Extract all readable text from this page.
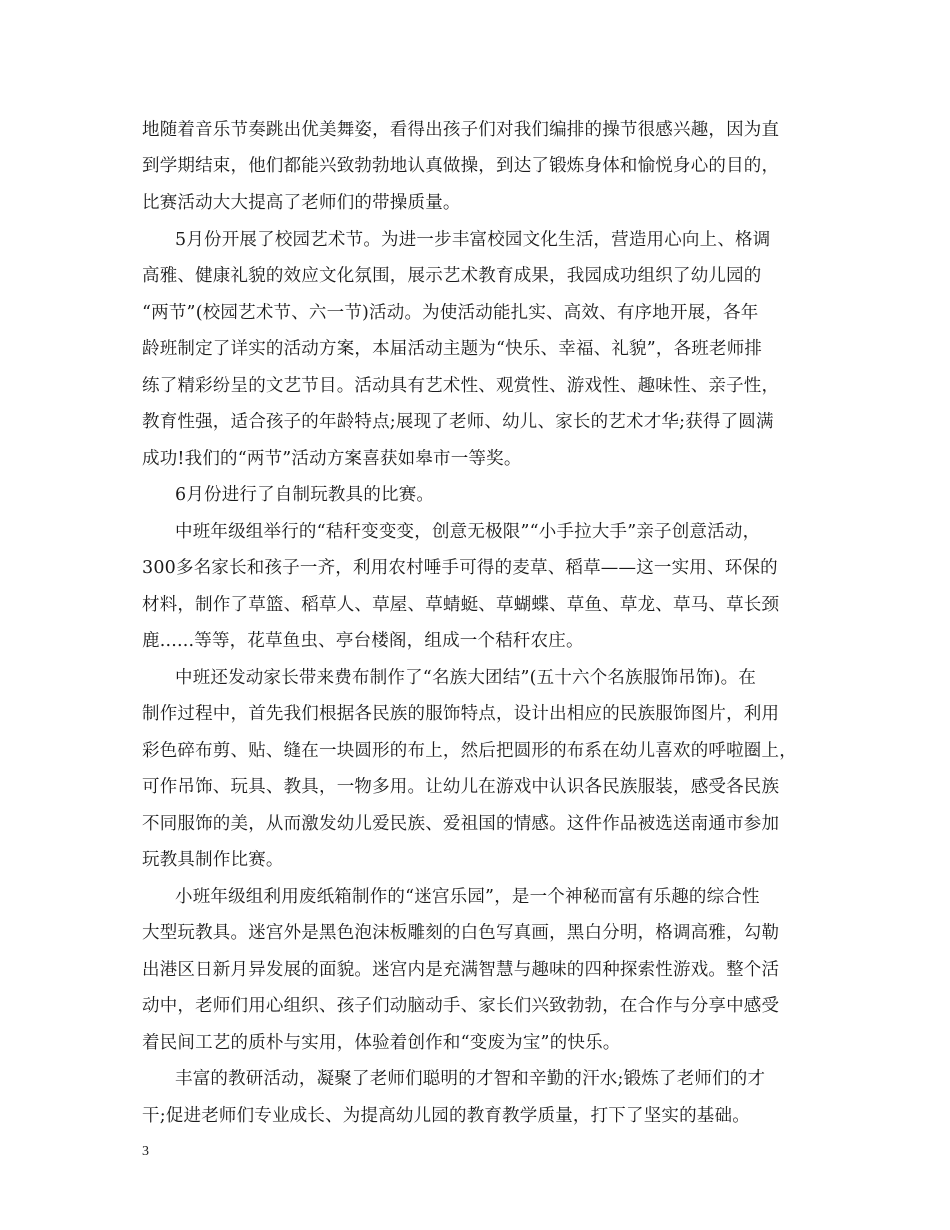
地随着音乐节奏跳出优美舞姿，看得出孩子们对我们编排的操节很感兴趣，因为直
到学期结束，他们都能兴致勃勃地认真做操，到达了锻炼身体和愉悦身心的目的，
比赛活动大大提高了老师们的带操质量。
5月份开展了校园艺术节。为进一步丰富校园文化生活，营造用心向上、格调
高雅、健康礼貌的效应文化氛围，展示艺术教育成果，我园成功组织了幼儿园的
“两节”(校园艺术节、六一节)活动。为使活动能扎实、高效、有序地开展，各年
龄班制定了详实的活动方案，本届活动主题为“快乐、幸福、礼貌”，各班老师排
练了精彩纷呈的文艺节目。活动具有艺术性、观赏性、游戏性、趣味性、亲子性，
教育性强，适合孩子的年龄特点;展现了老师、幼儿、家长的艺术才华;获得了圆满
成功!我们的“两节”活动方案喜获如皋市一等奖。
6月份进行了自制玩教具的比赛。
中班年级组举行的“秸秆变变变，创意无极限”“小手拉大手”亲子创意活动，
300多名家长和孩子一齐，利用农村唾手可得的麦草、稻草——这一实用、环保的
材料，制作了草篮、稻草人、草屋、草蜻蜓、草蝴蝶、草鱼、草龙、草马、草长颈
鹿......等等，花草鱼虫、亭台楼阁，组成一个秸秆农庄。
中班还发动家长带来费布制作了“名族大团结”(五十六个名族服饰吊饰)。在
制作过程中，首先我们根据各民族的服饰特点，设计出相应的民族服饰图片，利用
彩色碎布剪、贴、缝在一块圆形的布上，然后把圆形的布系在幼儿喜欢的呼啦圈上，
可作吊饰、玩具、教具，一物多用。让幼儿在游戏中认识各民族服装，感受各民族
不同服饰的美，从而激发幼儿爱民族、爱祖国的情感。这件作品被选送南通市参加
玩教具制作比赛。
小班年级组利用废纸箱制作的“迷宫乐园”，是一个神秘而富有乐趣的综合性
大型玩教具。迷宫外是黑色泡沫板雕刻的白色写真画，黑白分明，格调高雅，勾勒
出港区日新月异发展的面貌。迷宫内是充满智慧与趣味的四种探索性游戏。整个活
动中，老师们用心组织、孩子们动脑动手、家长们兴致勃勃，在合作与分享中感受
着民间工艺的质朴与实用，体验着创作和“变废为宝”的快乐。
丰富的教研活动，凝聚了老师们聪明的才智和辛勤的汗水;锻炼了老师们的才
干;促进老师们专业成长、为提高幼儿园的教育教学质量，打下了坚实的基础。
3
